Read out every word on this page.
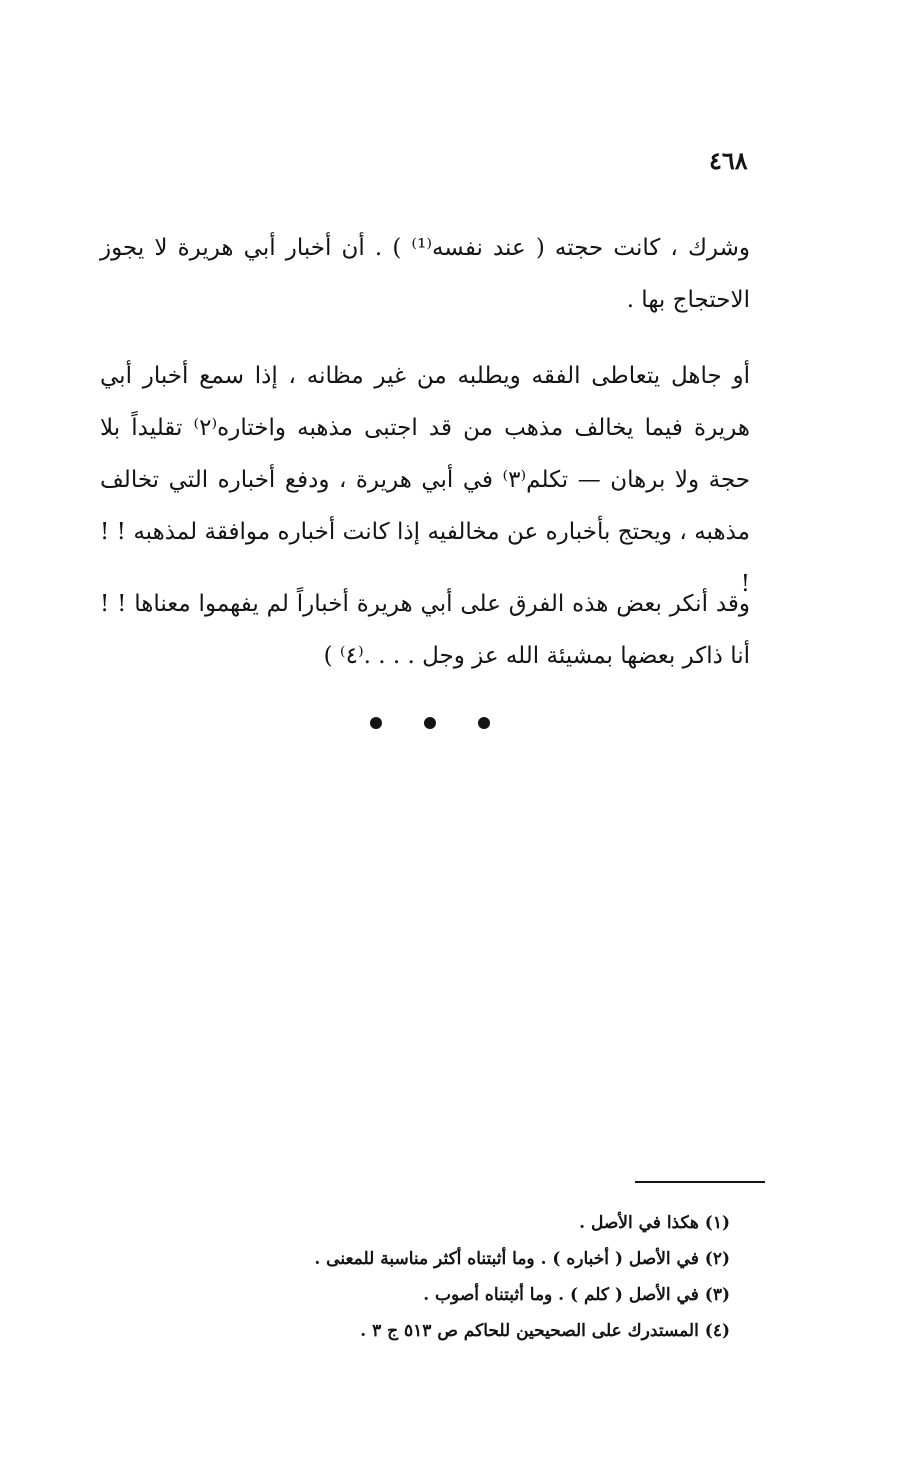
٤٦٨

وشرك ، كانت حجته ( عند نفسه⁽¹⁾ ) . أن أخبار أبي هريرة لا يجوز الاحتجاج بها .

أو جاهل يتعاطى الفقه ويطلبه من غير مظانه ، إذا سمع أخبار أبي هريرة فيما يخالف مذهب من قد اجتبى مذهبه واختاره⁽٢⁾ تقليداً بلا حجة ولا برهان — تكلم⁽٣⁾ في أبي هريرة ، ودفع أخباره التي تخالف مذهبه ، ويحتج بأخباره عن مخالفيه إذا كانت أخباره موافقة لمذهبه ! ! !

وقد أنكر بعض هذه الفرق على أبي هريرة أخباراً لم يفهموا معناها ! ! أنا ذاكر بعضها بمشيئة الله عز وجل . . . .⁽٤⁾ )

(١) هكذا في الأصل .
(٢) في الأصل ( أخباره ) . وما أثبتناه أكثر مناسبة للمعنى .
(٣) في الأصل ( كلم ) . وما أثبتناه أصوب .
(٤) المستدرك على الصحيحين للحاكم ص ٥١٣ ج ٣ .
